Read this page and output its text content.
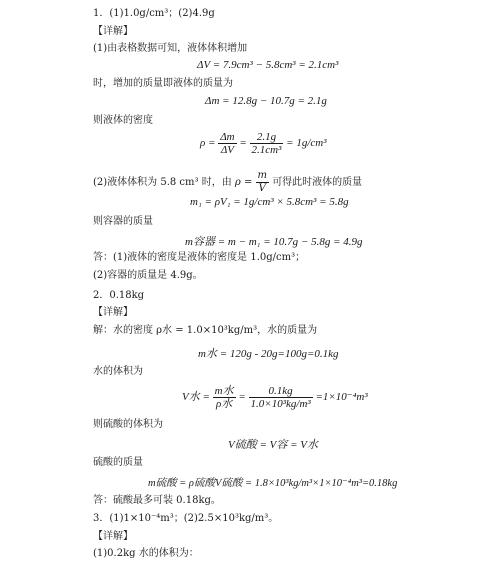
1．(1)1.0g/cm³；(2)4.9g
【详解】
(1)由表格数据可知，液体体积增加
ΔV = 7.9cm³ − 5.8cm³ = 2.1cm³
时，增加的质量即液体的质量为
Δm = 12.8g − 10.7g = 2.1g
则液体的密度
$\rho = \frac{\Delta m}{\Delta V} = \frac{2.1g}{\text{2.1cm³}} = 1g/cm^3$
(2)液体体积为 5.8 cm³ 时，由 $\rho = \frac{m}{V}$ 可得此时液体的质量
m₁ = ρV₁ = 1g/cm³ × 5.8cm³ = 5.8g
则容器的质量
m容器 = m − m₁ = 10.7g − 5.8g = 4.9g
答：(1)液体的密度是液体的密度是 1.0g/cm³；
(2)容器的质量是 4.9g。
2．0.18kg
【详解】
解：水的密度 ρ水 = 1.0×10³kg/m³，水的质量为
m水 = 120g - 20g=100g=0.1kg
水的体积为
V水 = $\frac{\text{m水}}{\text{ρ水}} = \frac{0.1kg}{\text{1.0×10³kg/m³}} =1\times 10^{-4}m^3$
则硫酸的体积为
V硫酸 = V容 = V水
硫酸的质量
m硫酸 = ρ硫酸V硫酸 = 1.8×10³kg/m³×1×10⁻⁴m³=0.18kg
答：硫酸最多可装 0.18kg。
3．(1)1×10⁻⁴m³；(2)2.5×10³kg/m³。
【详解】
(1)0.2kg 水的体积为：
